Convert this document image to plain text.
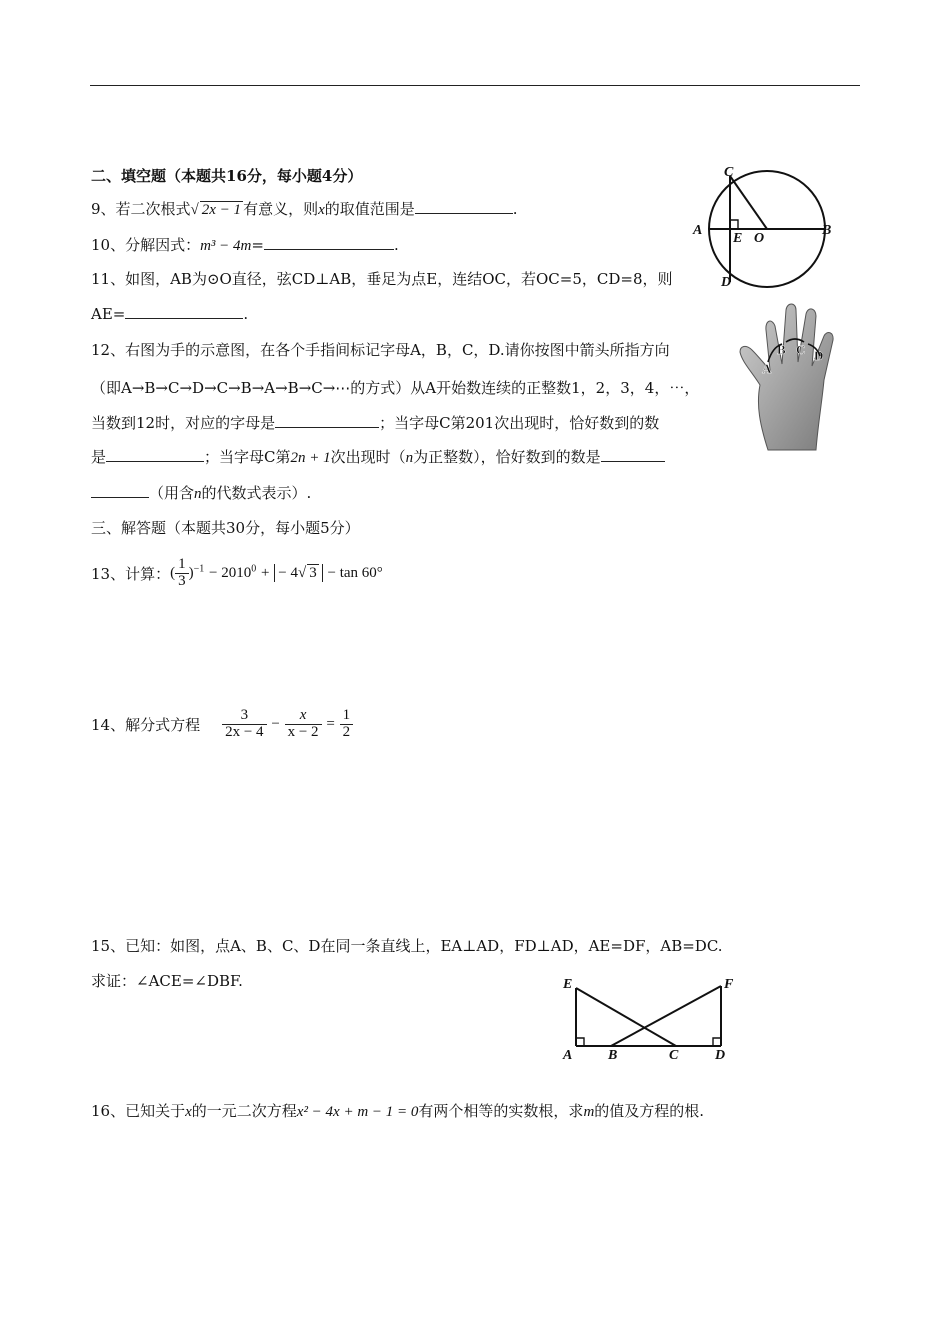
二、填空题（本题共16分，每小题4分）
9、若二次根式√ 2x − 1 有意义，则x的取值范围是	.
10、分解因式：m³ − 4m=	.
11、如图，AB为⊙O直径，弦CD⊥AB，垂足为点E，连结OC，若OC=5，CD=8，则
AE=	.
12、右图为手的示意图，在各个手指间标记字母A，B，C，D.请你按图中箭头所指方向
（即A→B→C→D→C→B→A→B→C→⋯的方式）从A开始数连续的正整数1，2，3，4，⋯，
当数到12时，对应的字母是	；当字母C第201次出现时，恰好数到的数
是	；当字母C第2n + 1次出现时（n为正整数），恰好数到的数是
（用含n的代数式表示）.
三、解答题（本题共30分，每小题5分）
13、计算：( $\frac{1}{3} )^{-1} - 2010^0$ + − 4√ 3 − tan 60°
14、解分式方程 $\frac{3}{2x - 4} - \frac{x}{x - 2} = \frac{1}{2}$
15、已知：如图，点A、B、C、D在同一条直线上，EA⊥AD，FD⊥AD，AE=DF，AB=DC.
求证：∠ACE=∠DBF.
16、已知关于x的一元二次方程x² − 4x + m − 1 = 0有两个相等的实数根，求m的值及方程的根.
C
A
E O
B
D
A
B C D
E	F
A	B	C	D
